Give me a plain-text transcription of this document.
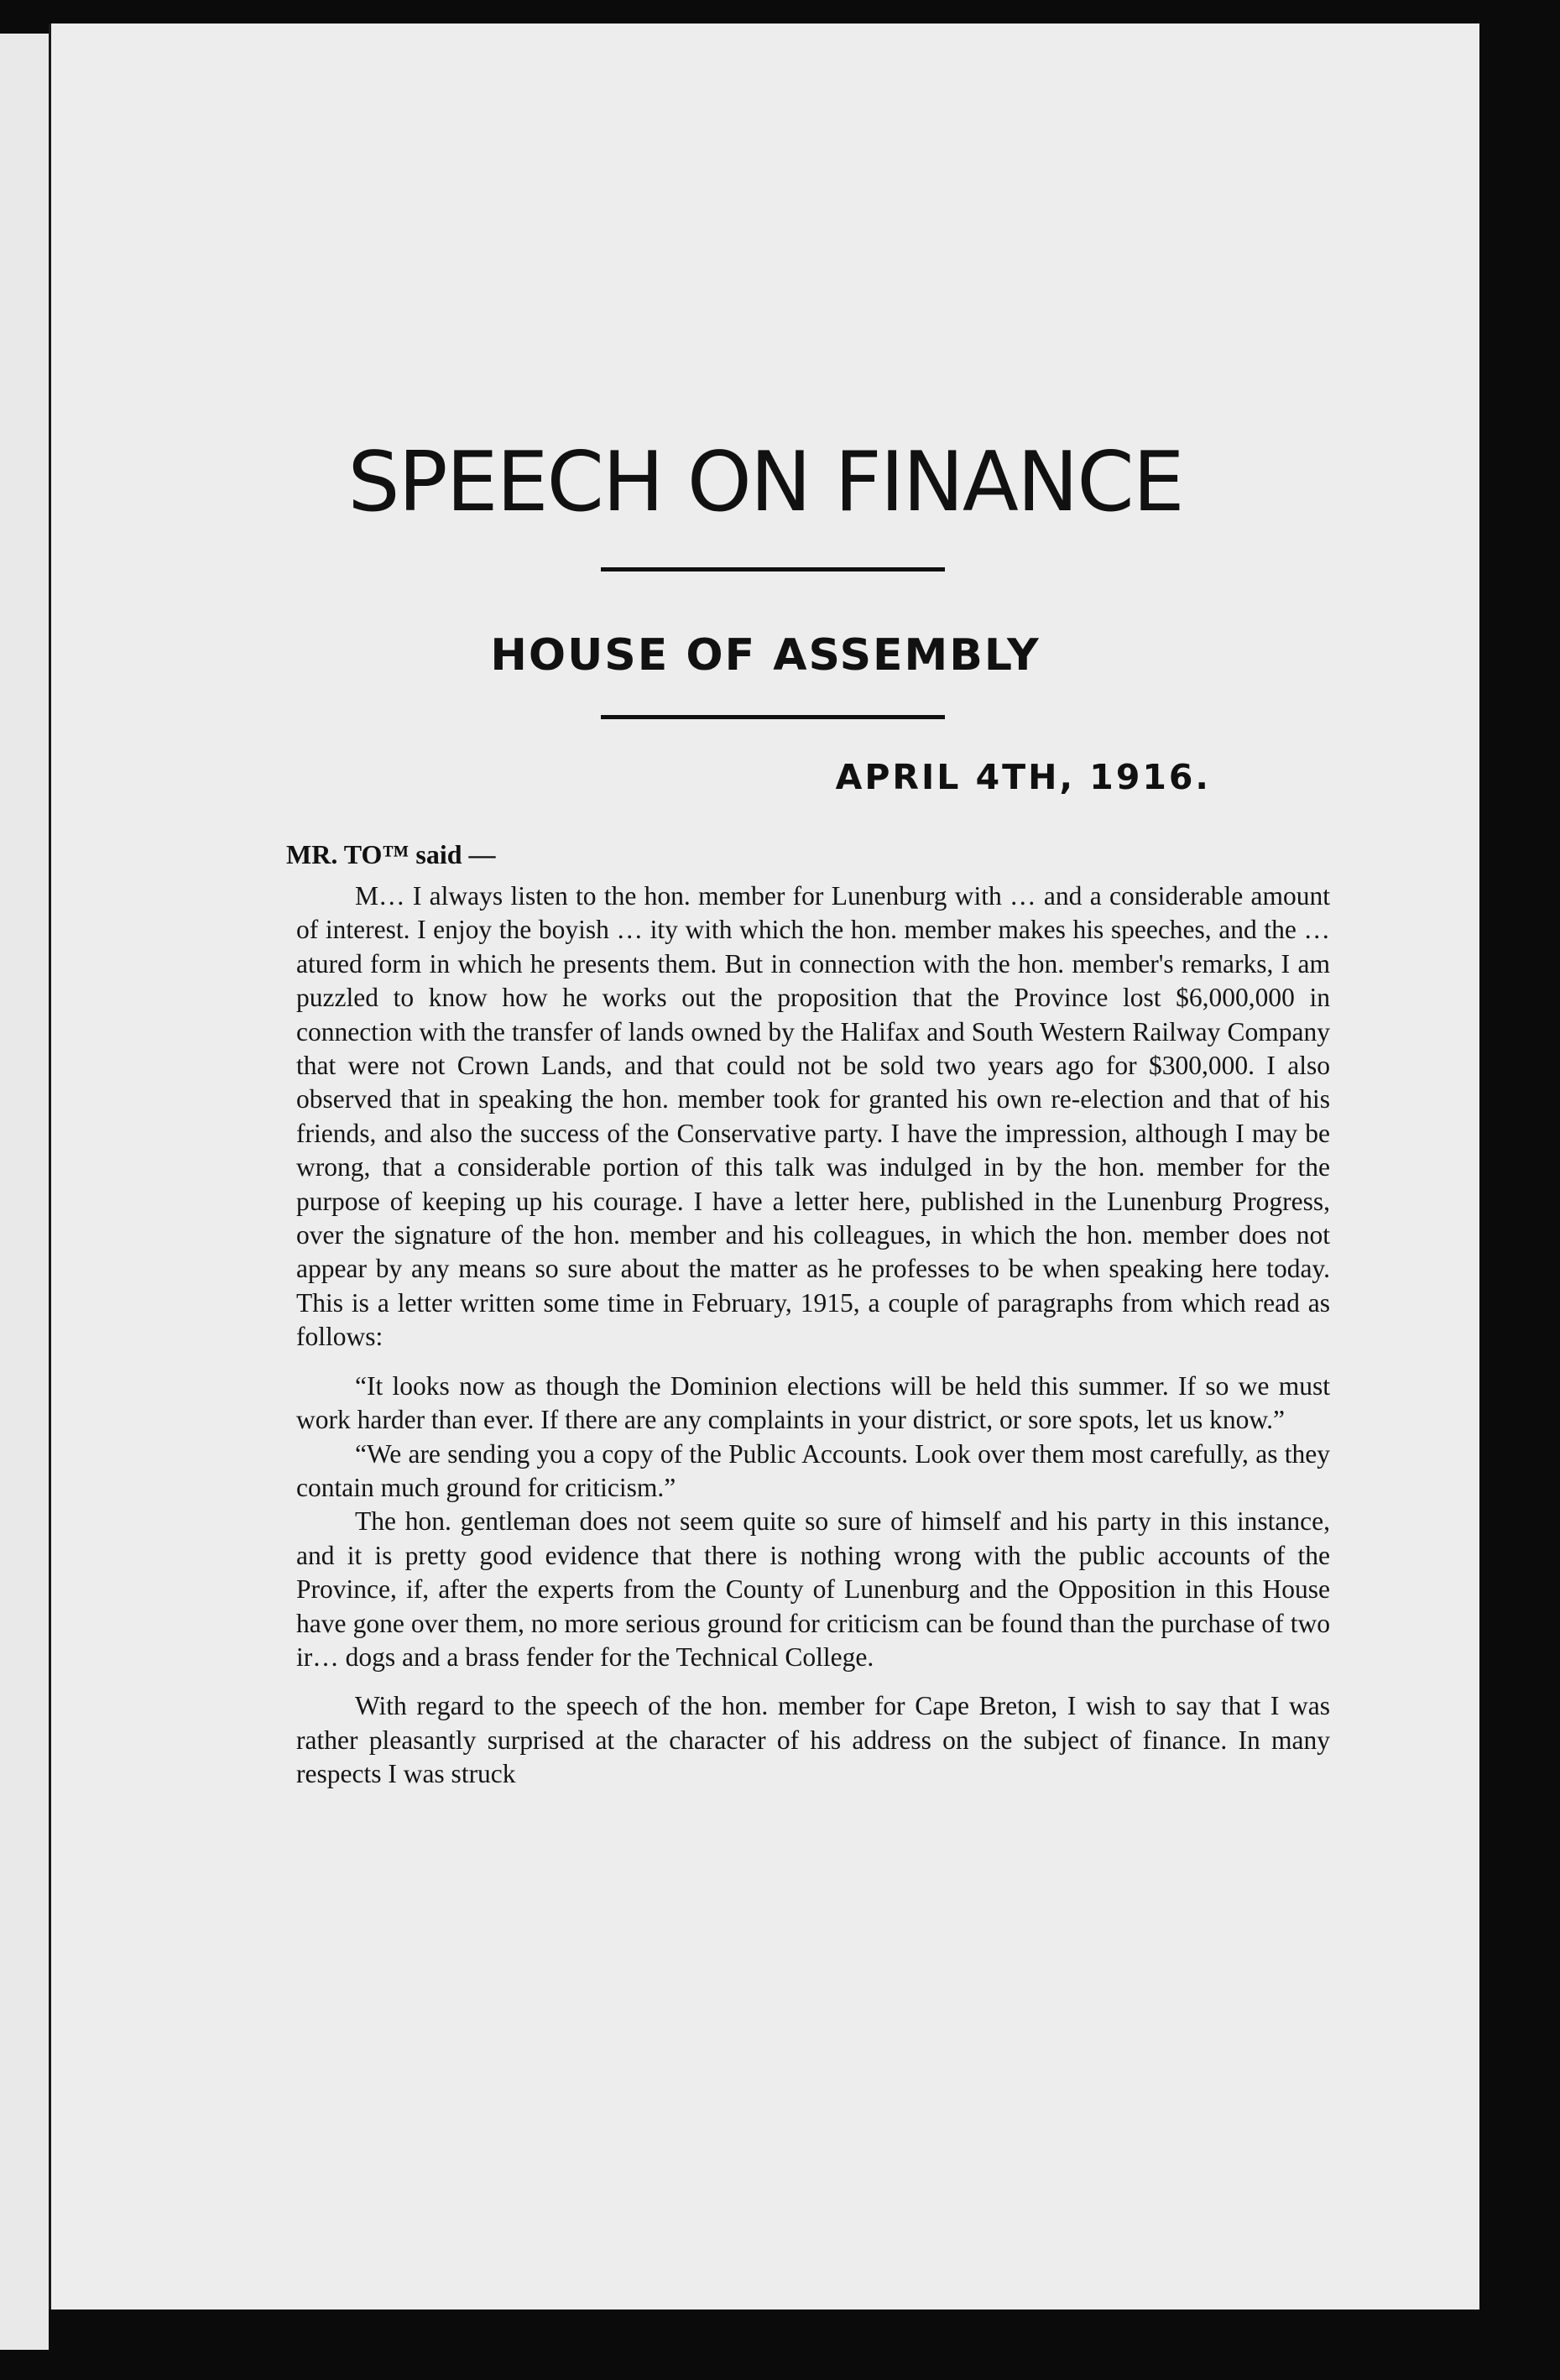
SPEECH ON FINANCE
HOUSE OF ASSEMBLY
APRIL 4TH, 1916.
MR. TO™ said —

M… I always listen to the hon. member for Lunenburg with … and a considerable amount of interest. I enjoy the boyish … ity with which the hon. member makes his speeches, and the … atured form in which he presents them. But in connection with the hon. member's remarks, I am puzzled to know how he works out the proposition that the Province lost $6,000,000 in connection with the transfer of lands owned by the Halifax and South Western Railway Company that were not Crown Lands, and that could not be sold two years ago for $300,000. I also observed that in speaking the hon. member took for granted his own re-election and that of his friends, and also the success of the Conservative party. I have the impression, although I may be wrong, that a considerable portion of this talk was indulged in by the hon. member for the purpose of keeping up his courage. I have a letter here, published in the Lunenburg Progress, over the signature of the hon. member and his colleagues, in which the hon. member does not appear by any means so sure about the matter as he professes to be when speaking here today. This is a letter written some time in February, 1915, a couple of paragraphs from which read as follows:

“It looks now as though the Dominion elections will be held this summer. If so we must work harder than ever. If there are any complaints in your district, or sore spots, let us know.”

“We are sending you a copy of the Public Accounts. Look over them most carefully, as they contain much ground for criticism.”

The hon. gentleman does not seem quite so sure of himself and his party in this instance, and it is pretty good evidence that there is nothing wrong with the public accounts of the Province, if, after the experts from the County of Lunenburg and the Opposition in this House have gone over them, no more serious ground for criticism can be found than the purchase of two ir… dogs and a brass fender for the Technical College.

With regard to the speech of the hon. member for Cape Breton, I wish to say that I was rather pleasantly surprised at the character of his address on the subject of finance. In many respects I was struck
